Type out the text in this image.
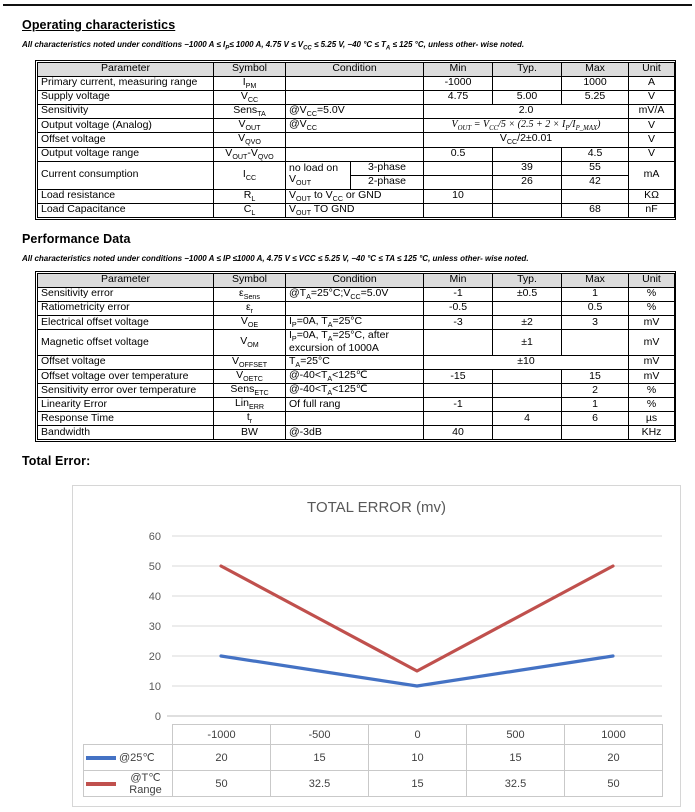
Operating characteristics
All characteristics noted under conditions −1000 $A \le I_P\le 1000$ A, 4.75 $V \le V_{CC} \le 5.25$ V, −40 $^\circ C \le T_A \le 125$ °C, unless other- wise noted.
Parameter	Symbol	Condition		Min	Typ.	Max	Unit
Primary current, measuring range	$I_{PM}$			-1000		1000	A
Supply voltage	$V_{CC}$			4.75	5.00	5.25	V
Sensitivity	Sens$_{TA}$	$@V_{CC}=5.0V$		2.0			mV/A
Output voltage (Analog)	$V_{OUT}$	$@V_{CC}$		$V_{OUT} = V_{CC}/5 \times (2.5 + 2 \times I_P/I_{P\_MAX})$			V
Offset voltage	$V_{QVO}$			$V_{CC}/2\pm 0.01$			V
Output voltage range	$V_{OUT}-V_{QVO}$			0.5		4.5	V
Current consumption	$I_{CC}$	no load on $V_{OUT}$	3-phase		39	55	mA
			2-phase		26	42	
Load resistance	$R_L$	$V_{OUT}$ to $V_{CC}$ or GND		10			KΩ
Load Capacitance	$C_L$	$V_{OUT}$ TO GND				68	nF
Performance Data
All characteristics noted under conditions −1000 A ≤ IP ≤1000 A, 4.75 V ≤ VCC ≤ 5.25 V, −40 °C ≤ TA ≤ 125 °C, unless other- wise noted.
Parameter	Symbol	Condition	Min	Typ.	Max	Unit
Sensitivity error	$\varepsilon_{Sens}$	$@T_A=25^\circ C;V_{CC}=5.0V$	-1	±0.5	1	%
Ratiometricity error	$\varepsilon_r$		-0.5		0.5	%
Electrical offset voltage	$V_{OE}$	$I_P=0A$, $T_A=25^\circ C$	-3	±2	3	mV
Magnetic offset voltage	$V_{OM}$	$I_P=0A$, $T_A=25^\circ C$, after excursion of 1000A		±1		mV
Offset voltage	$V_{OFFSET}$	$T_A=25^\circ C$	±10			mV
Offset voltage over temperature	$V_{OETC}$	$@-40<T_A<125℃$	-15		15	mV
Sensitivity error over temperature	Sens$_{ETC}$	$@-40<T_A<125℃$			2	%
Linearity Error	Lin$_{ERR}$	Of full rang	-1		1	%
Response Time	$t_r$			4	6	µs
Bandwidth	BW	@-3dB	40			KHz
Total Error:
TOTAL ERROR (mv)
60
50
40
30
20
10
0
	-1000	-500	0	500	1000

@25℃	20	15	10	15	20

@T℃ Range	50	32.5	15	32.5	50
